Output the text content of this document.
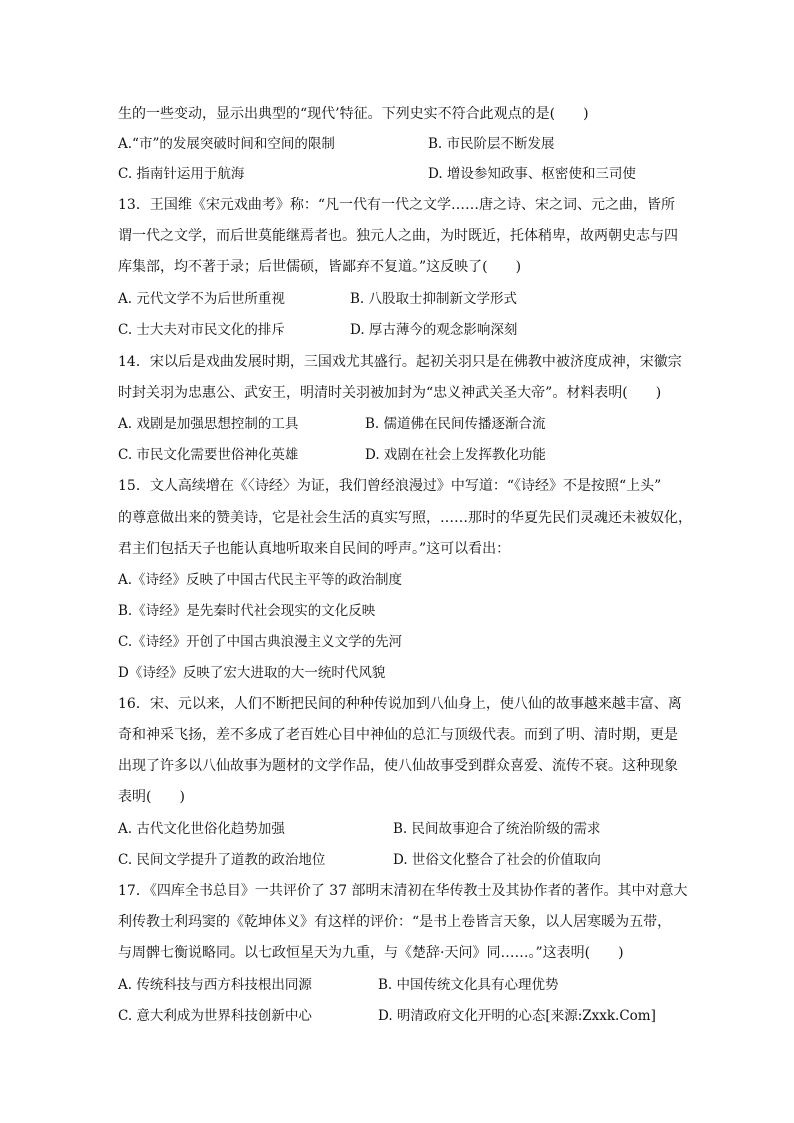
生的一些变动，显示出典型的“现代’特征。下列史实不符合此观点的是(　　)
A.“市”的发展突破时间和空间的限制	B. 市民阶层不断发展
C. 指南针运用于航海	D. 增设参知政事、枢密使和三司使
13．王国维《宋元戏曲考》称：“凡一代有一代之文学……唐之诗、宋之词、元之曲，皆所
谓一代之文学，而后世莫能继焉者也。独元人之曲，为时既近，托体稍卑，故两朝史志与四
库集部，均不著于录；后世儒硕，皆鄙弃不复道。”这反映了(　　)
A. 元代文学不为后世所重视	B. 八股取士抑制新文学形式
C. 士大夫对市民文化的排斥	D. 厚古薄今的观念影响深刻
14．宋以后是戏曲发展时期，三国戏尤其盛行。起初关羽只是在佛教中被济度成神，宋徽宗
时封关羽为忠惠公、武安王，明清时关羽被加封为“忠义神武关圣大帝”。材料表明(　　)
A. 戏剧是加强思想控制的工具	B. 儒道佛在民间传播逐渐合流
C. 市民文化需要世俗神化英雄	D. 戏剧在社会上发挥教化功能
15．文人高续增在《〈诗经〉为证，我们曾经浪漫过》中写道：“《诗经》不是按照“上头”
的尊意做出来的赞美诗，它是社会生活的真实写照，……那时的华夏先民们灵魂还未被奴化，
君主们包括天子也能认真地听取来自民间的呼声。”这可以看出：
A.《诗经》反映了中国古代民主平等的政治制度
B.《诗经》是先秦时代社会现实的文化反映
C.《诗经》开创了中国古典浪漫主义文学的先河
D《诗经》反映了宏大进取的大一统时代风貌
16．宋、元以来，人们不断把民间的种种传说加到八仙身上，使八仙的故事越来越丰富、离
奇和神采飞扬，差不多成了老百姓心目中神仙的总汇与顶级代表。而到了明、清时期，更是
出现了许多以八仙故事为题材的文学作品，使八仙故事受到群众喜爱、流传不衰。这种现象
表明(　　)
A. 古代文化世俗化趋势加强	B. 民间故事迎合了统治阶级的需求
C. 民间文学提升了道教的政治地位	D. 世俗文化整合了社会的价值取向
17．《四库全书总目》一共评价了 37 部明末清初在华传教士及其协作者的著作。其中对意大
利传教士利玛窦的《乾坤体义》有这样的评价：“是书上卷皆言天象，以人居寒暖为五带，
与周髀七衡说略同。以七政恒星天为九重，与《楚辞·天问》同……。”这表明(　　)
A. 传统科技与西方科技根出同源	B. 中国传统文化具有心理优势
C. 意大利成为世界科技创新中心	D. 明清政府文化开明的心态[来源:Zxxk.Com]
